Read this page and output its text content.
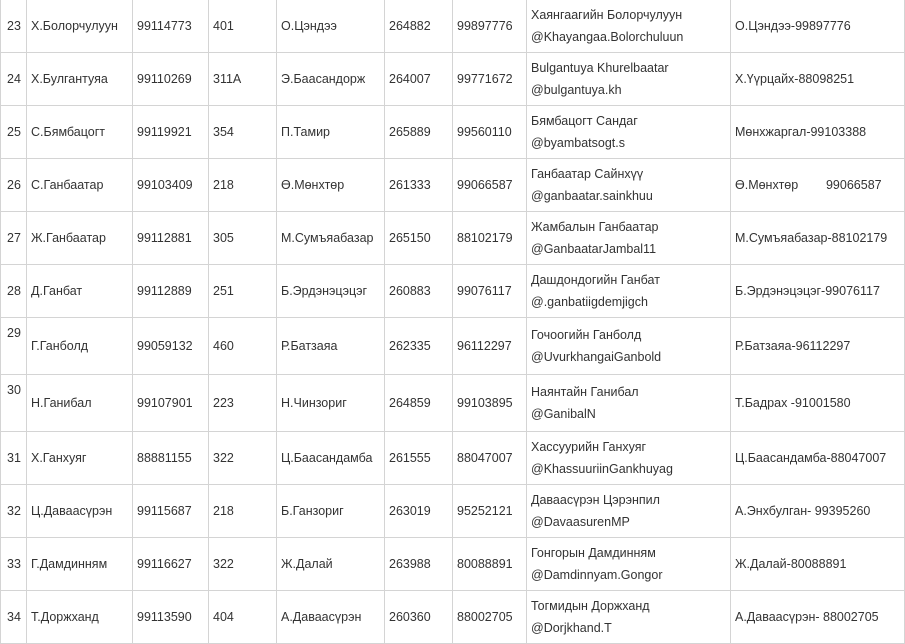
23	Х.Болорчулуун	99114773	401	О.Цэндээ	264882	99897776	Хаянгаагийн Болорчулуун
@Khayangaa.Bolorchuluun	О.Цэндээ-99897776
24	Х.Булгантуяа	99110269	311А	Э.Баасандорж	264007	99771672	Bulgantuya Khurelbaatar
@bulgantuya.kh	Х.Үүрцайх-88098251
25	С.Бямбацогт	99119921	354	П.Тамир	265889	99560110	Бямбацогт Сандаг
@byambatsogt.s	Мөнхжаргал-99103388
26	С.Ганбаатар	99103409	218	Ө.Мөнхтөр	261333	99066587	Ганбаатар Сайнхүү
@ganbaatar.sainkhuu	Ө.Мөнхтөр        99066587
27	Ж.Ганбаатар	99112881	305	М.Сумъяабазар	265150	88102179	Жамбалын Ганбаатар
@GanbaatarJambal11	М.Сумъяабазар-88102179
28	Д.Ганбат	99112889	251	Б.Эрдэнэцэцэг	260883	99076117	Дашдондогийн Ганбат
@.ganbatiigdemjigch	Б.Эрдэнэцэцэг-99076117
29	Г.Ганболд	99059132	460	Р.Батзаяа	262335	96112297	Гочоогийн Ганболд
@UvurkhangaiGanbold	Р.Батзаяа-96112297
30	Н.Ганибал	99107901	223	Н.Чинзориг	264859	99103895	Наянтайн Ганибал
@GanibalN	Т.Бадрах -91001580
31	Х.Ганхуяг	88881155	322	Ц.Баасандамба	261555	88047007	Хассуурийн Ганхуяг
@KhassuuriinGankhuyag	Ц.Баасандамба-88047007
32	Ц.Даваасүрэн	99115687	218	Б.Ганзориг	263019	95252121	Даваасүрэн Цэрэнпил
@DavaasurenMP	А.Энхбулган- 99395260
33	Г.Дамдинням	99116627	322	Ж.Далай	263988	80088891	Гонгорын Дамдинням
@Damdinnyam.Gongor	Ж.Далай-80088891
34	Т.Доржханд	99113590	404	А.Даваасүрэн	260360	88002705	Тогмидын Доржханд
@Dorjkhand.T	А.Даваасүрэн- 88002705
